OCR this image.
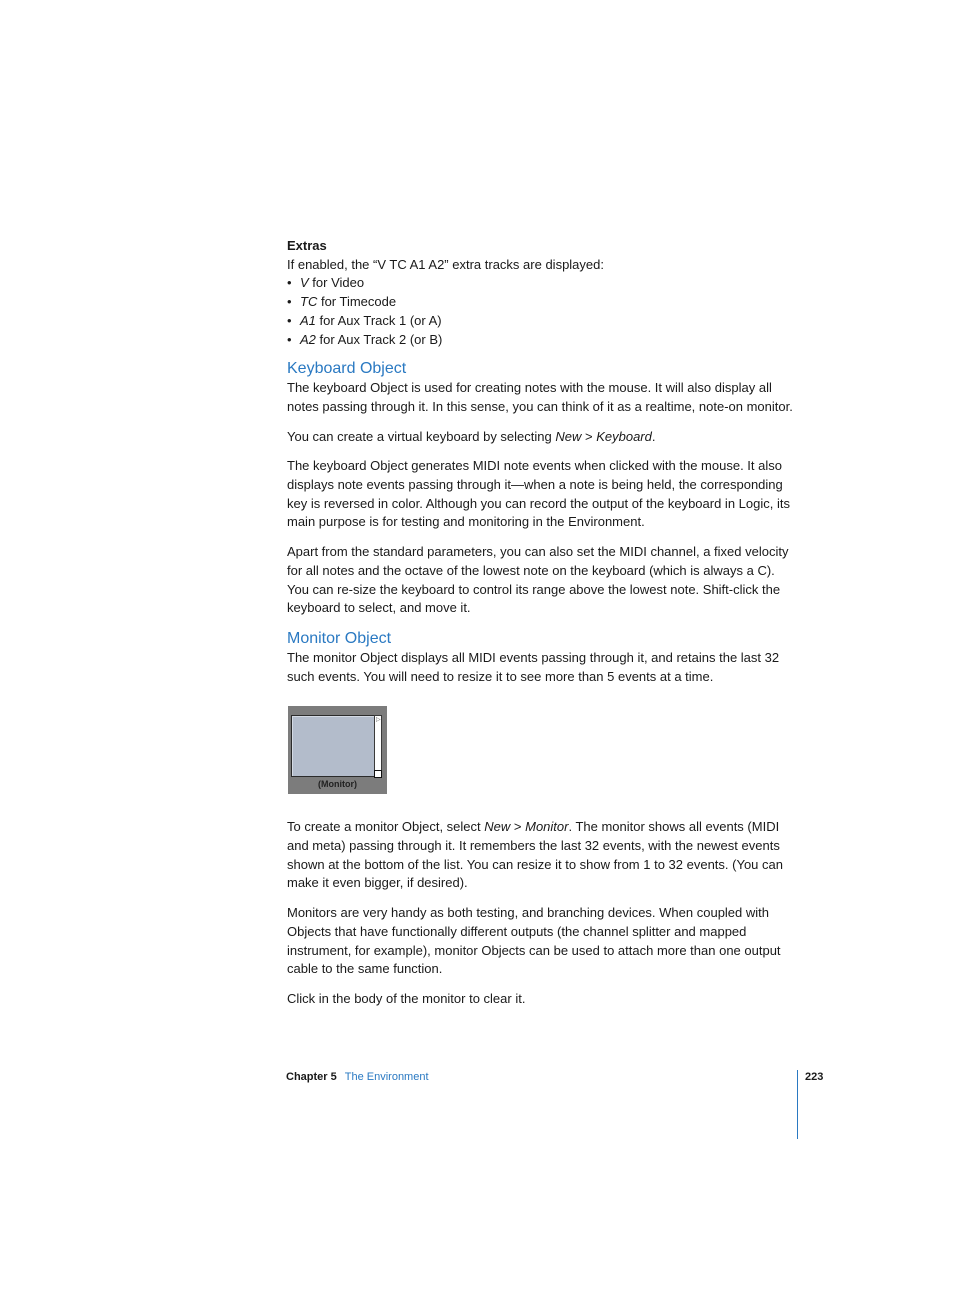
Extras

If enabled, the “V TC A1 A2” extra tracks are displayed:

• V for Video
• TC for Timecode
• A1 for Aux Track 1 (or A)
• A2 for Aux Track 2 (or B)
Keyboard Object

The keyboard Object is used for creating notes with the mouse. It will also display all notes passing through it. In this sense, you can think of it as a realtime, note-on monitor.

You can create a virtual keyboard by selecting New > Keyboard.

The keyboard Object generates MIDI note events when clicked with the mouse. It also displays note events passing through it—when a note is being held, the corresponding key is reversed in color. Although you can record the output of the keyboard in Logic, its main purpose is for testing and monitoring in the Environment.

Apart from the standard parameters, you can also set the MIDI channel, a fixed velocity for all notes and the octave of the lowest note on the keyboard (which is always a C). You can re-size the keyboard to control its range above the lowest note. Shift-click the keyboard to select, and move it.

Monitor Object

The monitor Object displays all MIDI events passing through it, and retains the last 32 such events. You will need to resize it to see more than 5 events at a time.

▷
(Monitor)

To create a monitor Object, select New > Monitor. The monitor shows all events (MIDI and meta) passing through it. It remembers the last 32 events, with the newest events shown at the bottom of the list. You can resize it to show from 1 to 32 events. (You can make it even bigger, if desired).

Monitors are very handy as both testing, and branching devices. When coupled with Objects that have functionally different outputs (the channel splitter and mapped instrument, for example), monitor Objects can be used to attach more than one output cable to the same function.

Click in the body of the monitor to clear it.

Chapter 5 The Environment	223
